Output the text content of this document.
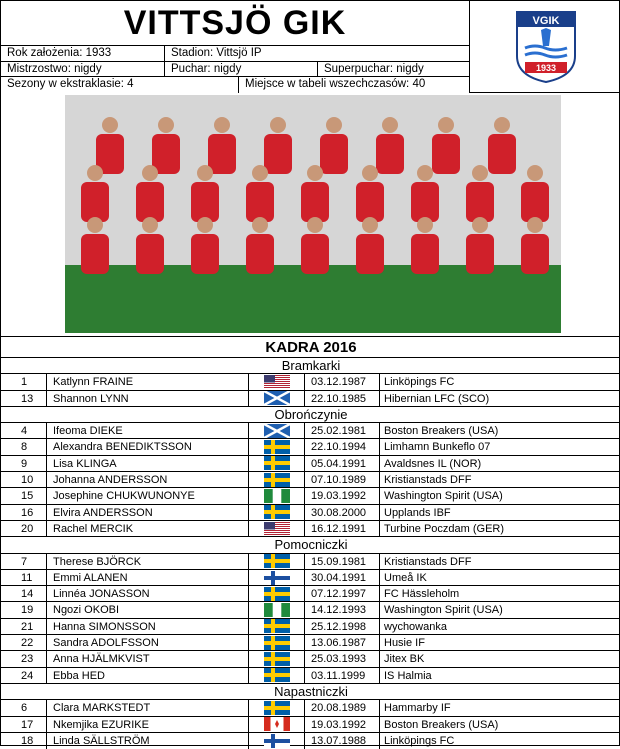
VITTSJÖ GIK
Rok założenia: 1933	Stadion: Vittsjö IP
Mistrzostwo: nigdy	Puchar: nigdy	Superpuchar: nigdy
Sezony w ekstraklasie: 4	Miejsce w tabeli wszechczasów: 40
VGIK
1933
KADRA 2016
Bramkarki
1	Katlynn FRAINE	03.12.1987	Linköpings FC
13	Shannon LYNN	22.10.1985	Hibernian LFC (SCO)
Obrończynie
4	Ifeoma DIEKE	25.02.1981	Boston Breakers (USA)
8	Alexandra BENEDIKTSSON	22.10.1994	Limhamn Bunkeflo 07
9	Lisa KLINGA	05.04.1991	Avaldsnes IL (NOR)
10	Johanna ANDERSSON	07.10.1989	Kristianstads DFF
15	Josephine CHUKWUNONYE	19.03.1992	Washington Spirit (USA)
16	Elvira ANDERSSON	30.08.2000	Upplands IBF
20	Rachel MERCIK	16.12.1991	Turbine Poczdam (GER)
Pomocniczki
7	Therese BJÖRCK	15.09.1981	Kristianstads DFF
11	Emmi ALANEN	30.04.1991	Umeå IK
14	Linnéa JONASSON	07.12.1997	FC Hässleholm
19	Ngozi OKOBI	14.12.1993	Washington Spirit (USA)
21	Hanna SIMONSSON	25.12.1998	wychowanka
22	Sandra ADOLFSSON	13.06.1987	Husie IF
23	Anna HJÄLMKVIST	25.03.1993	Jitex BK
24	Ebba HED	03.11.1999	IS Halmia
Napastniczki
6	Clara MARKSTEDT	20.08.1989	Hammarby IF
17	Nkemjika EZURIKE	19.03.1992	Boston Breakers (USA)
18	Linda SÄLLSTRÖM	13.07.1988	Linköpings FC
